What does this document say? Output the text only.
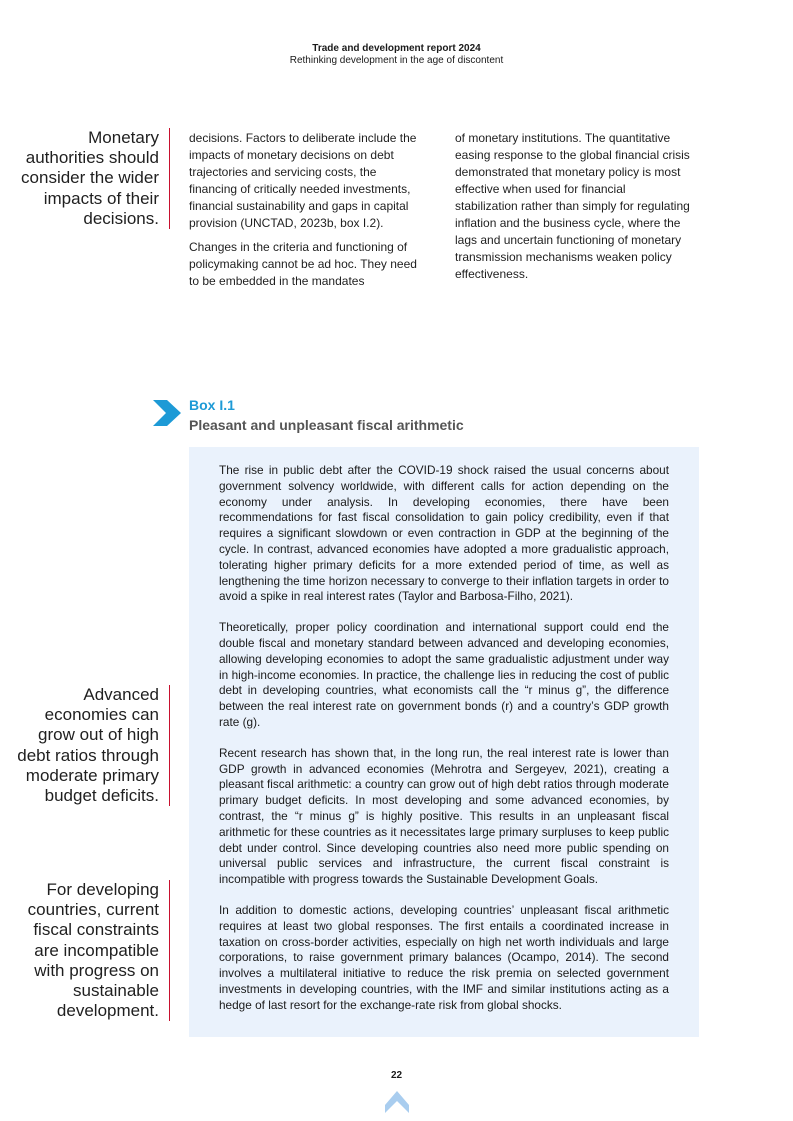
Trade and development report 2024
Rethinking development in the age of discontent
Monetary authorities should consider the wider impacts of their decisions.

decisions. Factors to deliberate include the impacts of monetary decisions on debt trajectories and servicing costs, the financing of critically needed investments, financial sustainability and gaps in capital provision (UNCTAD, 2023b, box I.2).

Changes in the criteria and functioning of policymaking cannot be ad hoc. They need to be embedded in the mandates

of monetary institutions. The quantitative easing response to the global financial crisis demonstrated that monetary policy is most effective when used for financial stabilization rather than simply for regulating inflation and the business cycle, where the lags and uncertain functioning of monetary transmission mechanisms weaken policy effectiveness.

Box I.1
Pleasant and unpleasant fiscal arithmetic

The rise in public debt after the COVID-19 shock raised the usual concerns about government solvency worldwide, with different calls for action depending on the economy under analysis. In developing economies, there have been recommendations for fast fiscal consolidation to gain policy credibility, even if that requires a significant slowdown or even contraction in GDP at the beginning of the cycle. In contrast, advanced economies have adopted a more gradualistic approach, tolerating higher primary deficits for a more extended period of time, as well as lengthening the time horizon necessary to converge to their inflation targets in order to avoid a spike in real interest rates (Taylor and Barbosa-Filho, 2021).

Theoretically, proper policy coordination and international support could end the double fiscal and monetary standard between advanced and developing economies, allowing developing economies to adopt the same gradualistic adjustment under way in high-income economies. In practice, the challenge lies in reducing the cost of public debt in developing countries, what economists call the “r minus g”, the difference between the real interest rate on government bonds (r) and a country’s GDP growth rate (g).

Recent research has shown that, in the long run, the real interest rate is lower than GDP growth in advanced economies (Mehrotra and Sergeyev, 2021), creating a pleasant fiscal arithmetic: a country can grow out of high debt ratios through moderate primary budget deficits. In most developing and some advanced economies, by contrast, the “r minus g” is highly positive. This results in an unpleasant fiscal arithmetic for these countries as it necessitates large primary surpluses to keep public debt under control. Since developing countries also need more public spending on universal public services and infrastructure, the current fiscal constraint is incompatible with progress towards the Sustainable Development Goals.

In addition to domestic actions, developing countries’ unpleasant fiscal arithmetic requires at least two global responses. The first entails a coordinated increase in taxation on cross-border activities, especially on high net worth individuals and large corporations, to raise government primary balances (Ocampo, 2014). The second involves a multilateral initiative to reduce the risk premia on selected government investments in developing countries, with the IMF and similar institutions acting as a hedge of last resort for the exchange-rate risk from global shocks.

Advanced economies can grow out of high debt ratios through moderate primary budget deficits.
For developing countries, current fiscal constraints are incompatible with progress on sustainable development.
22
